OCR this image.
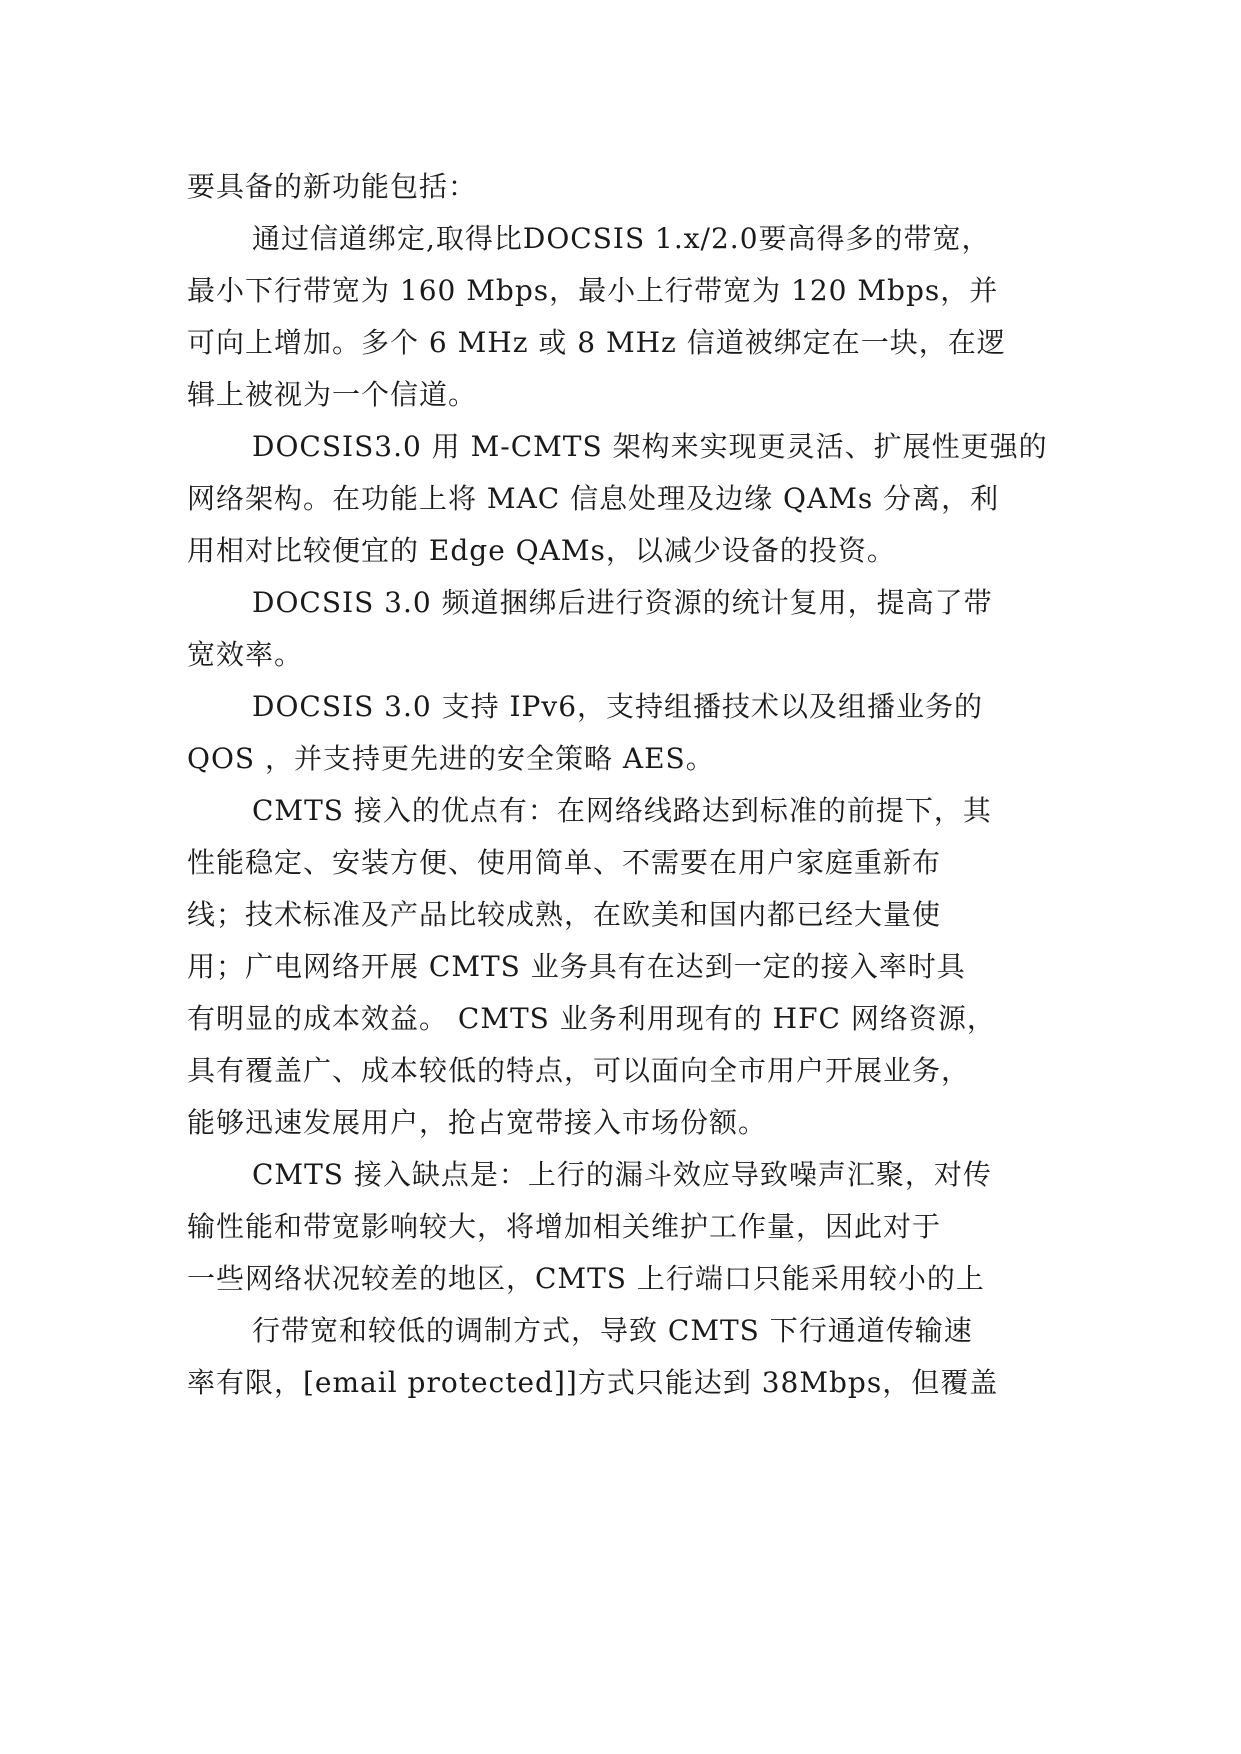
要具备的新功能包括：
通过信道绑定,取得比DOCSIS 1.x/2.0要高得多的带宽，
最小下行带宽为 160 Mbps，最小上行带宽为 120 Mbps，并
可向上增加。多个 6 MHz 或 8 MHz 信道被绑定在一块，在逻
辑上被视为一个信道。
DOCSIS3.0 用 M-CMTS 架构来实现更灵活、扩展性更强的
网络架构。在功能上将 MAC 信息处理及边缘 QAMs 分离，利
用相对比较便宜的 Edge QAMs，以减少设备的投资。
DOCSIS 3.0 频道捆绑后进行资源的统计复用，提高了带
宽效率。
DOCSIS 3.0 支持 IPv6，支持组播技术以及组播业务的
QOS ，并支持更先进的安全策略 AES。
CMTS 接入的优点有：在网络线路达到标准的前提下，其
性能稳定、安装方便、使用简单、不需要在用户家庭重新布
线；技术标准及产品比较成熟，在欧美和国内都已经大量使
用；广电网络开展 CMTS 业务具有在达到一定的接入率时具
有明显的成本效益。 CMTS 业务利用现有的 HFC 网络资源，
具有覆盖广、成本较低的特点，可以面向全市用户开展业务，
能够迅速发展用户，抢占宽带接入市场份额。
CMTS 接入缺点是：上行的漏斗效应导致噪声汇聚，对传
输性能和带宽影响较大，将增加相关维护工作量，因此对于
一些网络状况较差的地区，CMTS 上行端口只能采用较小的上
行带宽和较低的调制方式，导致 CMTS 下行通道传输速
率有限，[email protected]]方式只能达到 38Mbps，但覆盖
